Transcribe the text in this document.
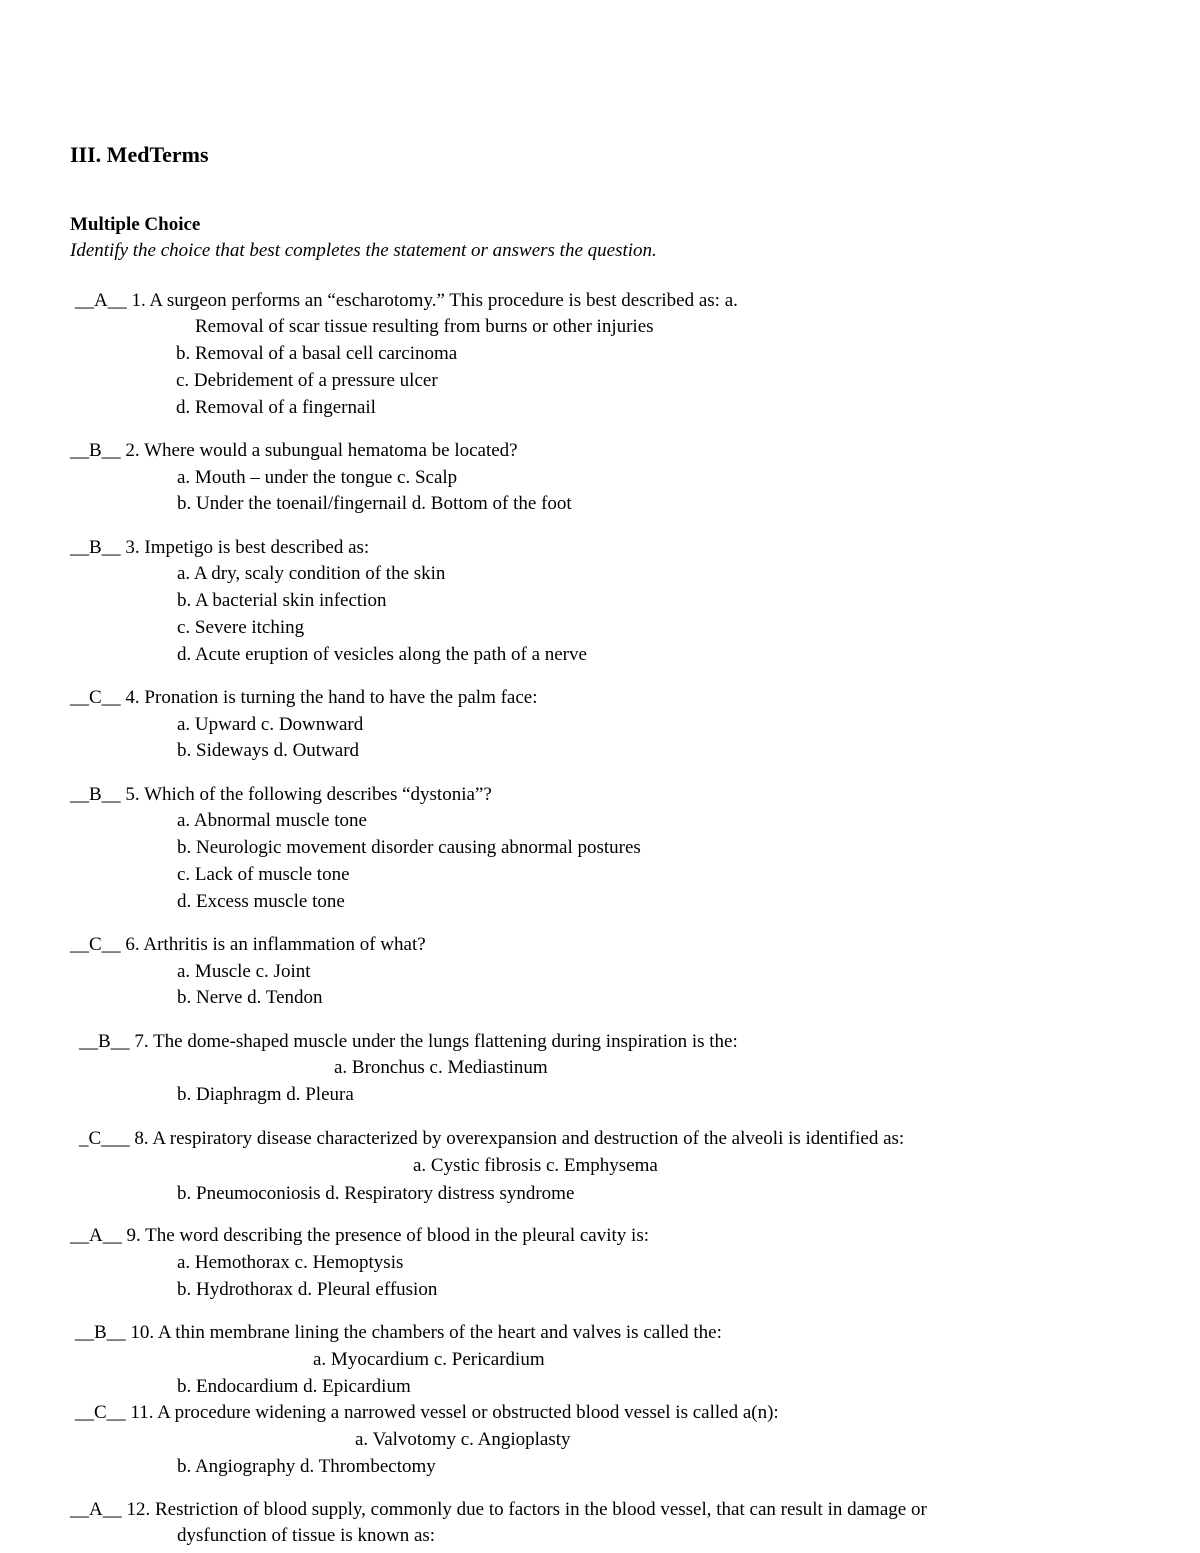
III. MedTerms
Multiple Choice
Identify the choice that best completes the statement or answers the question.
__A__ 1. A surgeon performs an “escharotomy.” This procedure is best described as: a.
Removal of scar tissue resulting from burns or other injuries
b. Removal of a basal cell carcinoma
c. Debridement of a pressure ulcer
d. Removal of a fingernail
__B__ 2. Where would a subungual hematoma be located?
a. Mouth – under the tongue c. Scalp
b. Under the toenail/fingernail d. Bottom of the foot
__B__ 3. Impetigo is best described as:
a. A dry, scaly condition of the skin
b. A bacterial skin infection
c. Severe itching
d. Acute eruption of vesicles along the path of a nerve
__C__ 4. Pronation is turning the hand to have the palm face:
a. Upward c. Downward
b. Sideways d. Outward
__B__ 5. Which of the following describes “dystonia”?
a. Abnormal muscle tone
b. Neurologic movement disorder causing abnormal postures
c. Lack of muscle tone
d. Excess muscle tone
__C__ 6. Arthritis is an inflammation of what?
a. Muscle c. Joint
b. Nerve d. Tendon
__B__ 7. The dome-shaped muscle under the lungs flattening during inspiration is the:
a. Bronchus c. Mediastinum
b. Diaphragm d. Pleura
_C___ 8. A respiratory disease characterized by overexpansion and destruction of the alveoli is identified as:
a. Cystic fibrosis c. Emphysema
b. Pneumoconiosis d. Respiratory distress syndrome
__A__ 9. The word describing the presence of blood in the pleural cavity is:
a. Hemothorax c. Hemoptysis
b. Hydrothorax d. Pleural effusion
__B__ 10. A thin membrane lining the chambers of the heart and valves is called the:
a. Myocardium c. Pericardium
b. Endocardium d. Epicardium
__C__ 11. A procedure widening a narrowed vessel or obstructed blood vessel is called a(n):
a. Valvotomy c. Angioplasty
b. Angiography d. Thrombectomy
__A__ 12. Restriction of blood supply, commonly due to factors in the blood vessel, that can result in damage or
dysfunction of tissue is known as:
